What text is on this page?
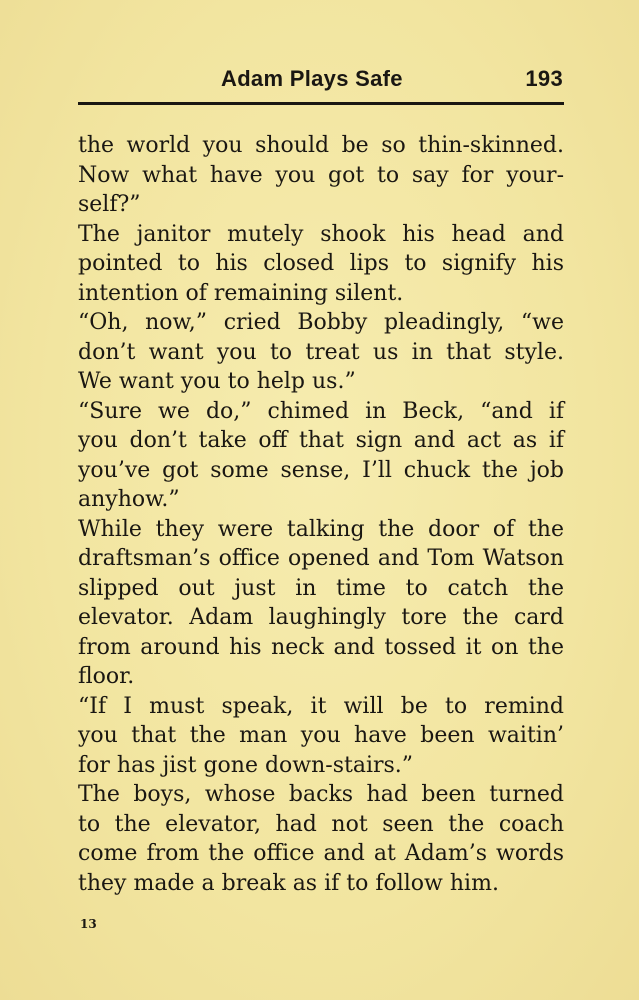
Adam Plays Safe	193
the world you should be so thin-skinned.
Now what have you got to say for your-
self?”
The janitor mutely shook his head and
pointed to his closed lips to signify his
intention of remaining silent.
“Oh, now,” cried Bobby pleadingly, “we
don’t want you to treat us in that style.
We want you to help us.”
“Sure we do,” chimed in Beck, “and if
you don’t take off that sign and act as if
you’ve got some sense, I’ll chuck the job
anyhow.”
While they were talking the door of the
draftsman’s office opened and Tom Watson
slipped out just in time to catch the
elevator. Adam laughingly tore the card
from around his neck and tossed it on the
floor.
“If I must speak, it will be to remind
you that the man you have been waitin’
for has jist gone down-stairs.”
The boys, whose backs had been turned
to the elevator, had not seen the coach
come from the office and at Adam’s words
they made a break as if to follow him.
13
